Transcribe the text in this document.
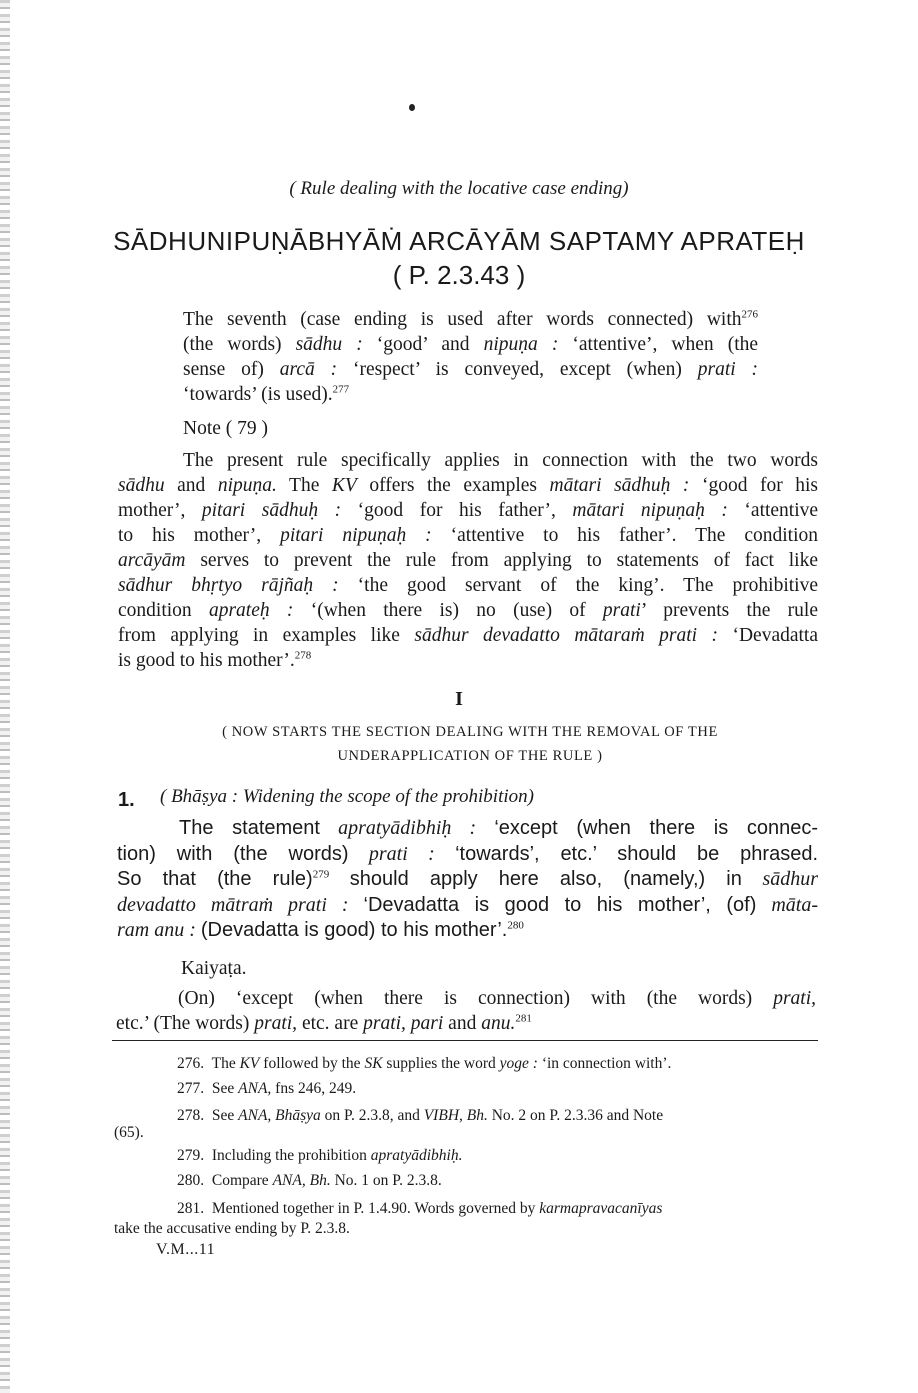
( Rule dealing with the locative case ending)
SĀDHUNIPUṆĀBHYĀṀ ARCĀYĀM SAPTAMY APRATEḤ
( P. 2.3.43 )
The seventh (case ending is used after words connected) with$^{276}$
(the words) sādhu : ‘good’ and nipuṇa : ‘attentive’, when (the
sense of) arcā : ‘respect’ is conveyed, except (when) prati :
‘towards’ (is used).$^{277}$
Note ( 79 )
The present rule specifically applies in connection with the two words
sādhu and nipuṇa. The KV offers the examples mātari sādhuḥ : ‘good for his
mother’, pitari sādhuḥ : ‘good for his father’, mātari nipuṇaḥ : ‘attentive
to his mother’, pitari nipuṇaḥ : ‘attentive to his father’. The condition
arcāyām serves to prevent the rule from applying to statements of fact like
sādhur bhṛtyo rājñaḥ : ‘the good servant of the king’. The prohibitive
condition aprateḥ : ‘(when there is) no (use) of prati’ prevents the rule
from applying in examples like sādhur devadatto mātaraṁ prati : ‘Devadatta
is good to his mother’.$^{278}$
I
( NOW STARTS THE SECTION DEALING WITH THE REMOVAL OF THE
UNDERAPPLICATION OF THE RULE )
1. ( Bhāṣya : Widening the scope of the prohibition)
The statement apratyādibhiḥ : ‘except (when there is connec-
tion) with (the words) prati : ‘towards’, etc.’ should be phrased.
So that (the rule)$^{279}$ should apply here also, (namely,) in sādhur
devadatto mātraṁ prati : ‘Devadatta is good to his mother’, (of) māta-
ram anu : (Devadatta is good) to his mother’.$^{280}$
Kaiyaṭa.
(On) ‘except (when there is connection) with (the words) prati,
etc.’ (The words) prati, etc. are prati, pari and anu.$^{281}$
276. The KV followed by the SK supplies the word yoge : ‘in connection with’.
277. See ANA, fns 246, 249.
278. See ANA, Bhāṣya on P. 2.3.8, and VIBH, Bh. No. 2 on P. 2.3.36 and Note
(65).
279. Including the prohibition apratyādibhiḥ.
280. Compare ANA, Bh. No. 1 on P. 2.3.8.
281. Mentioned together in P. 1.4.90. Words governed by karmapravacanīyas
take the accusative ending by P. 2.3.8.
V.M...11
